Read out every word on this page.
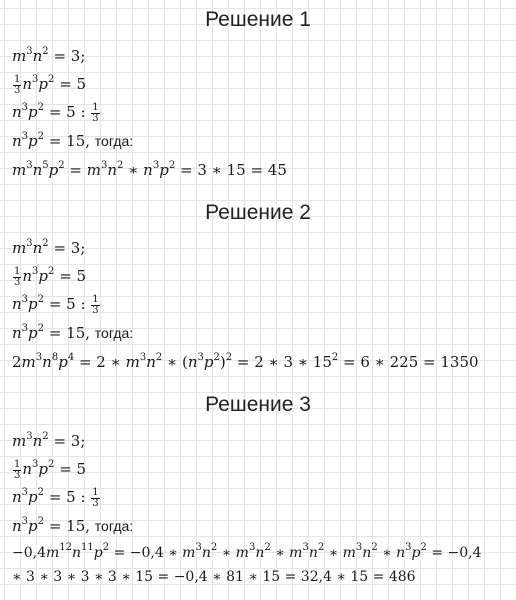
Решение 1
$m^3n^2 = 3$;
$\frac{1}{3} n^3p^2 = 5$
$n^3p^2 = 5$ : $\frac{1}{3}$
$n^3p^2 = 15$, тогда:
$m^3n^5p^2 = m^3n^2$ ∗ $n^3p^2 = 3$ ∗ 15 = 45
Решение 2
$m^3n^2 = 3$;
$\frac{1}{3} n^3p^2 = 5$
$n^3p^2 = 5$ : $\frac{1}{3}$
$n^3p^2 = 15$, тогда:
$2m^3n^8p^4 = 2$ ∗ $m^3n^2$ ∗ $(n^3p^2)^2 = 2$ ∗ 3 ∗ $15^2 = 6$ ∗ 225 = 1350
Решение 3
$m^3n^2 = 3$;
$\frac{1}{3} n^3p^2 = 5$
$n^3p^2 = 5$ : $\frac{1}{3}$
$n^3p^2 = 15$, тогда:
$-0,4m^{12}n^{11}p^2 = -0,4$ ∗ $m^3n^2$ ∗ $m^3n^2$ ∗ $m^3n^2$ ∗ $m^3n^2$ ∗ $n^3p^2 = -0,4$
∗ 3 ∗ 3 ∗ 3 ∗ 3 ∗ 15 = −0,4 ∗ 81 ∗ 15 = 32,4 ∗ 15 = 486
